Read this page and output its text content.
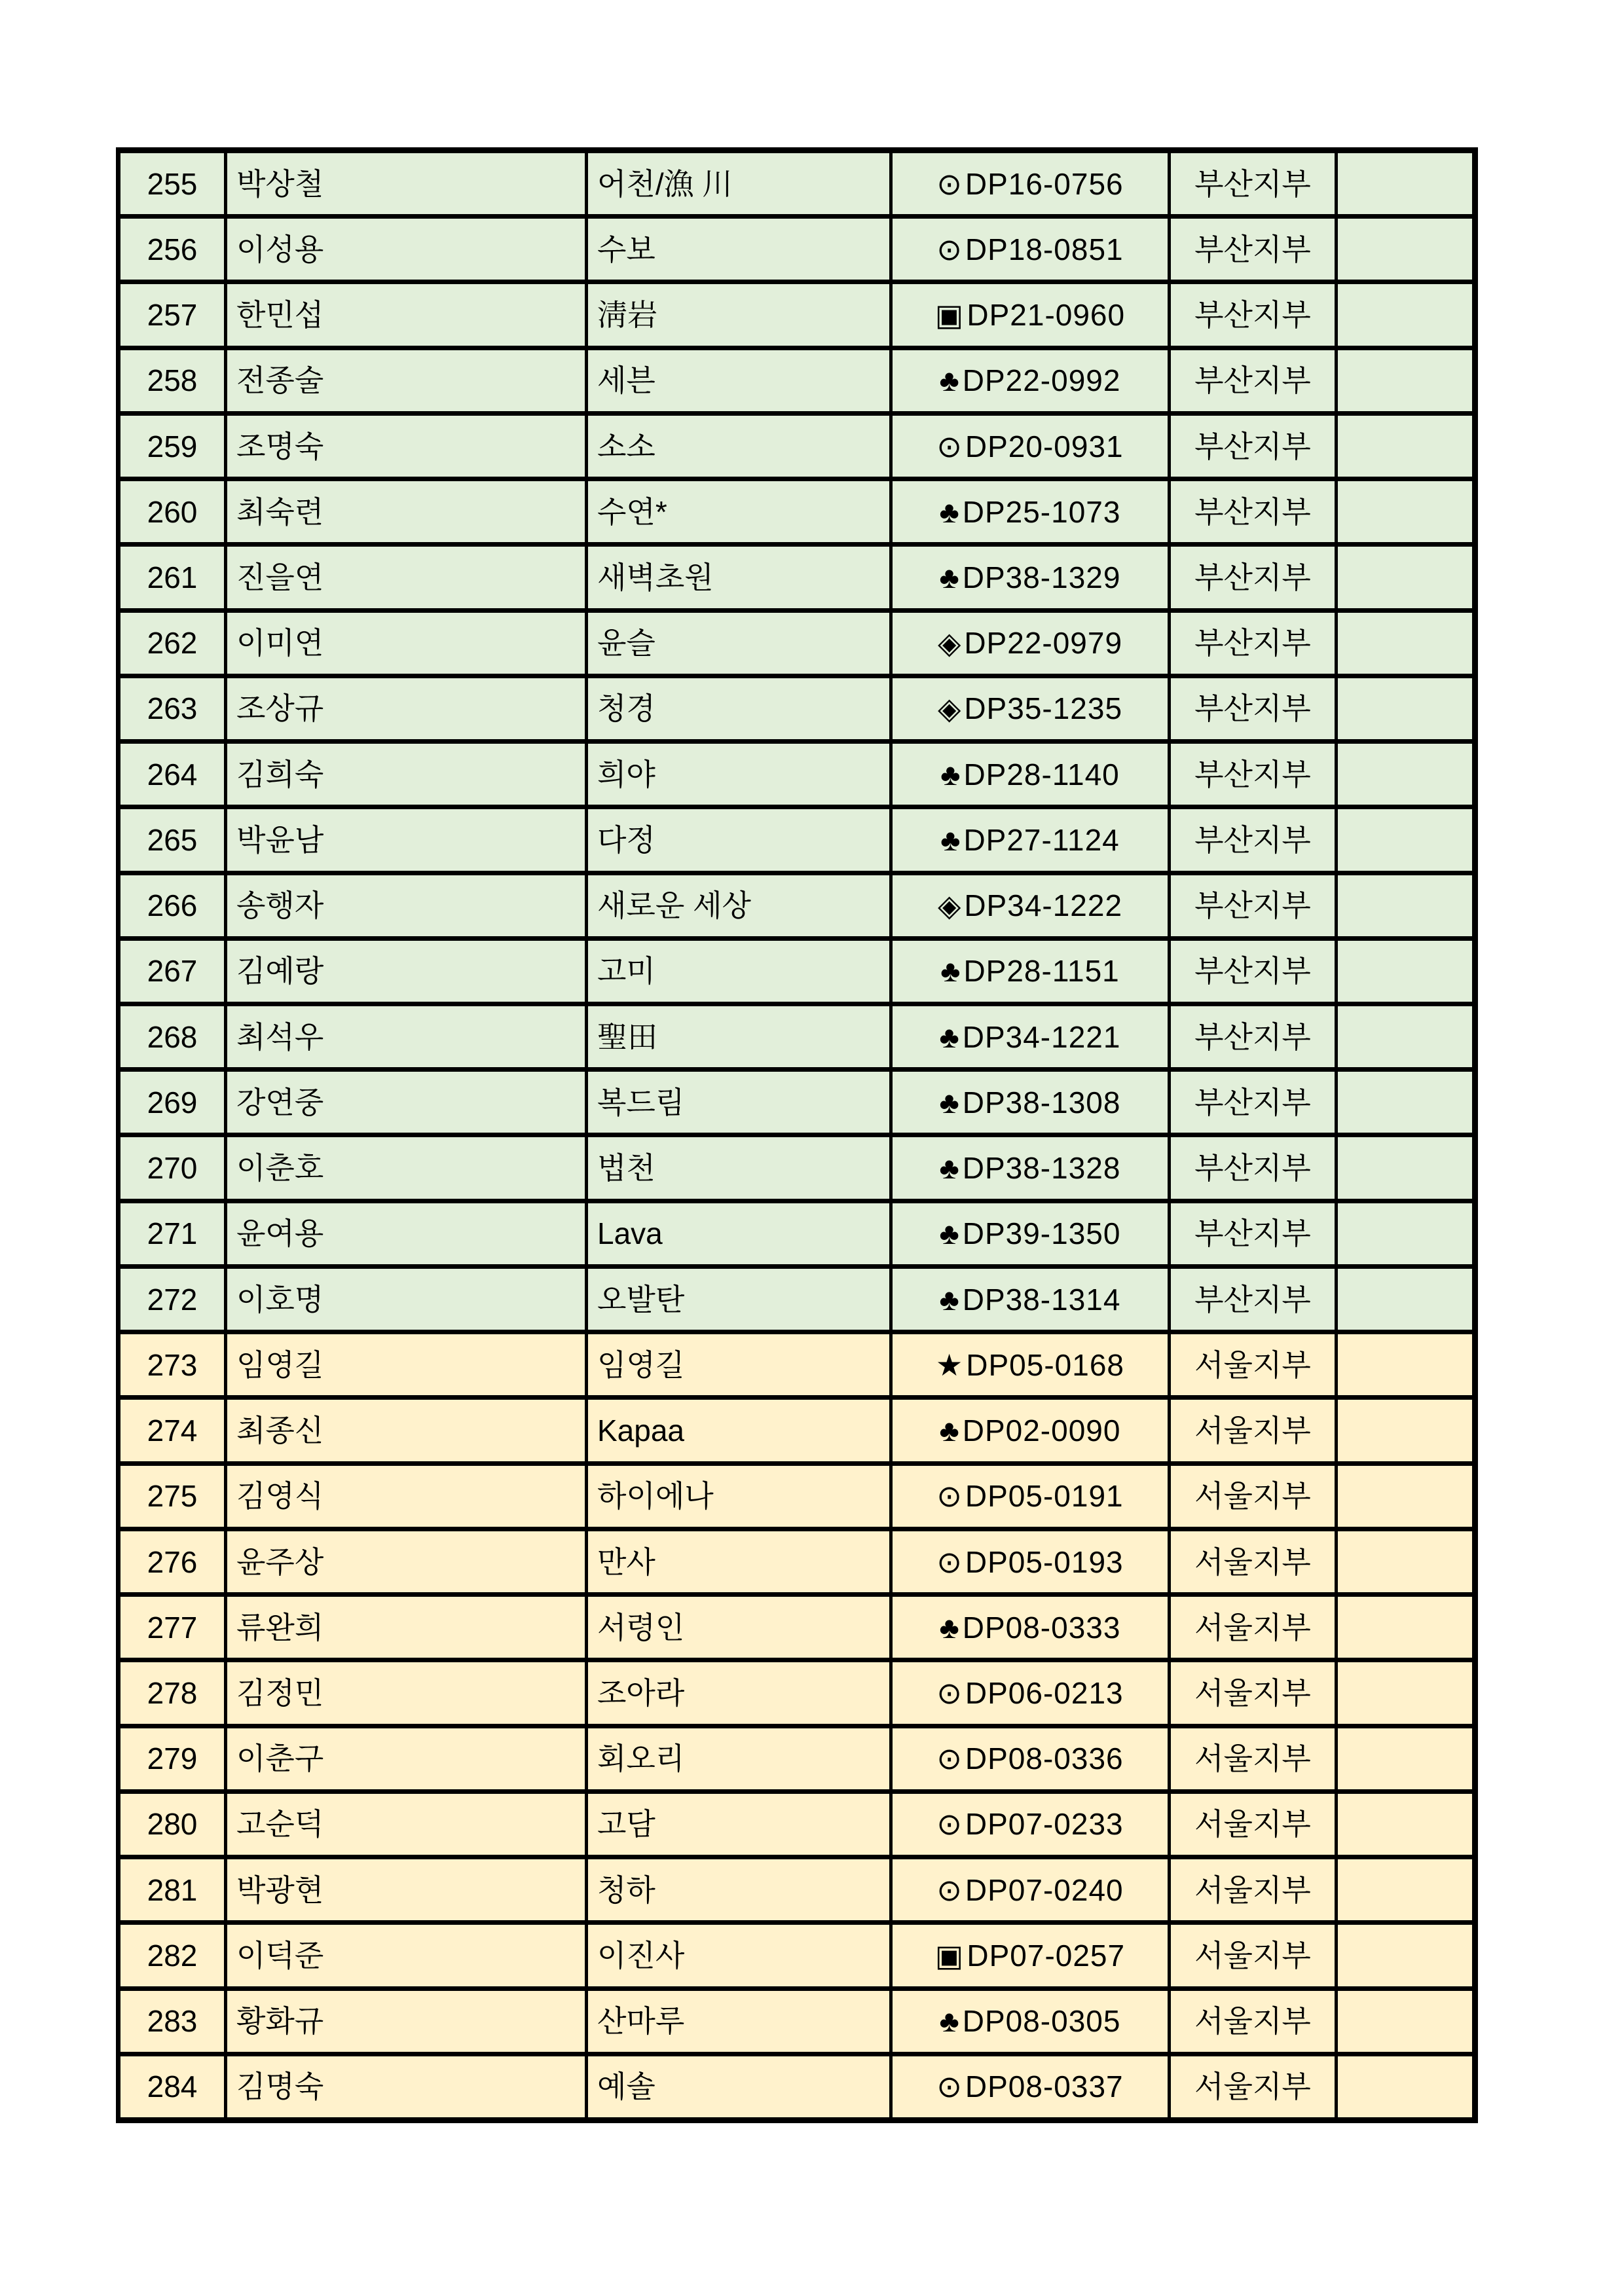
255	박상철	어천/漁 川	⊙ DP16-0756	부산지부
256	이성용	수보	⊙ DP18-0851	부산지부
257	한민섭	淸岩	▣ DP21-0960	부산지부
258	전종술	세븐	♣ DP22-0992	부산지부
259	조명숙	소소	⊙ DP20-0931	부산지부
260	최숙련	수연*	♣ DP25-1073	부산지부
261	진을연	새벽초원	♣ DP38-1329	부산지부
262	이미연	윤슬	◈ DP22-0979	부산지부
263	조상규	청경	◈ DP35-1235	부산지부
264	김희숙	희야	♣ DP28-1140	부산지부
265	박윤남	다정	♣ DP27-1124	부산지부
266	송행자	새로운 세상	◈ DP34-1222	부산지부
267	김예랑	고미	♣ DP28-1151	부산지부
268	최석우	聖田	♣ DP34-1221	부산지부
269	강연중	복드림	♣ DP38-1308	부산지부
270	이춘호	법천	♣ DP38-1328	부산지부
271	윤여용	Lava	♣ DP39-1350	부산지부
272	이호명	오발탄	♣ DP38-1314	부산지부
273	임영길	임영길	★ DP05-0168	서울지부
274	최종신	Kapaa	♣ DP02-0090	서울지부
275	김영식	하이에나	⊙ DP05-0191	서울지부
276	윤주상	만사	⊙ DP05-0193	서울지부
277	류완희	서령인	♣ DP08-0333	서울지부
278	김정민	조아라	⊙ DP06-0213	서울지부
279	이춘구	회오리	⊙ DP08-0336	서울지부
280	고순덕	고담	⊙ DP07-0233	서울지부
281	박광현	청하	⊙ DP07-0240	서울지부
282	이덕준	이진사	▣ DP07-0257	서울지부
283	황화규	산마루	♣ DP08-0305	서울지부
284	김명숙	예솔	⊙ DP08-0337	서울지부
